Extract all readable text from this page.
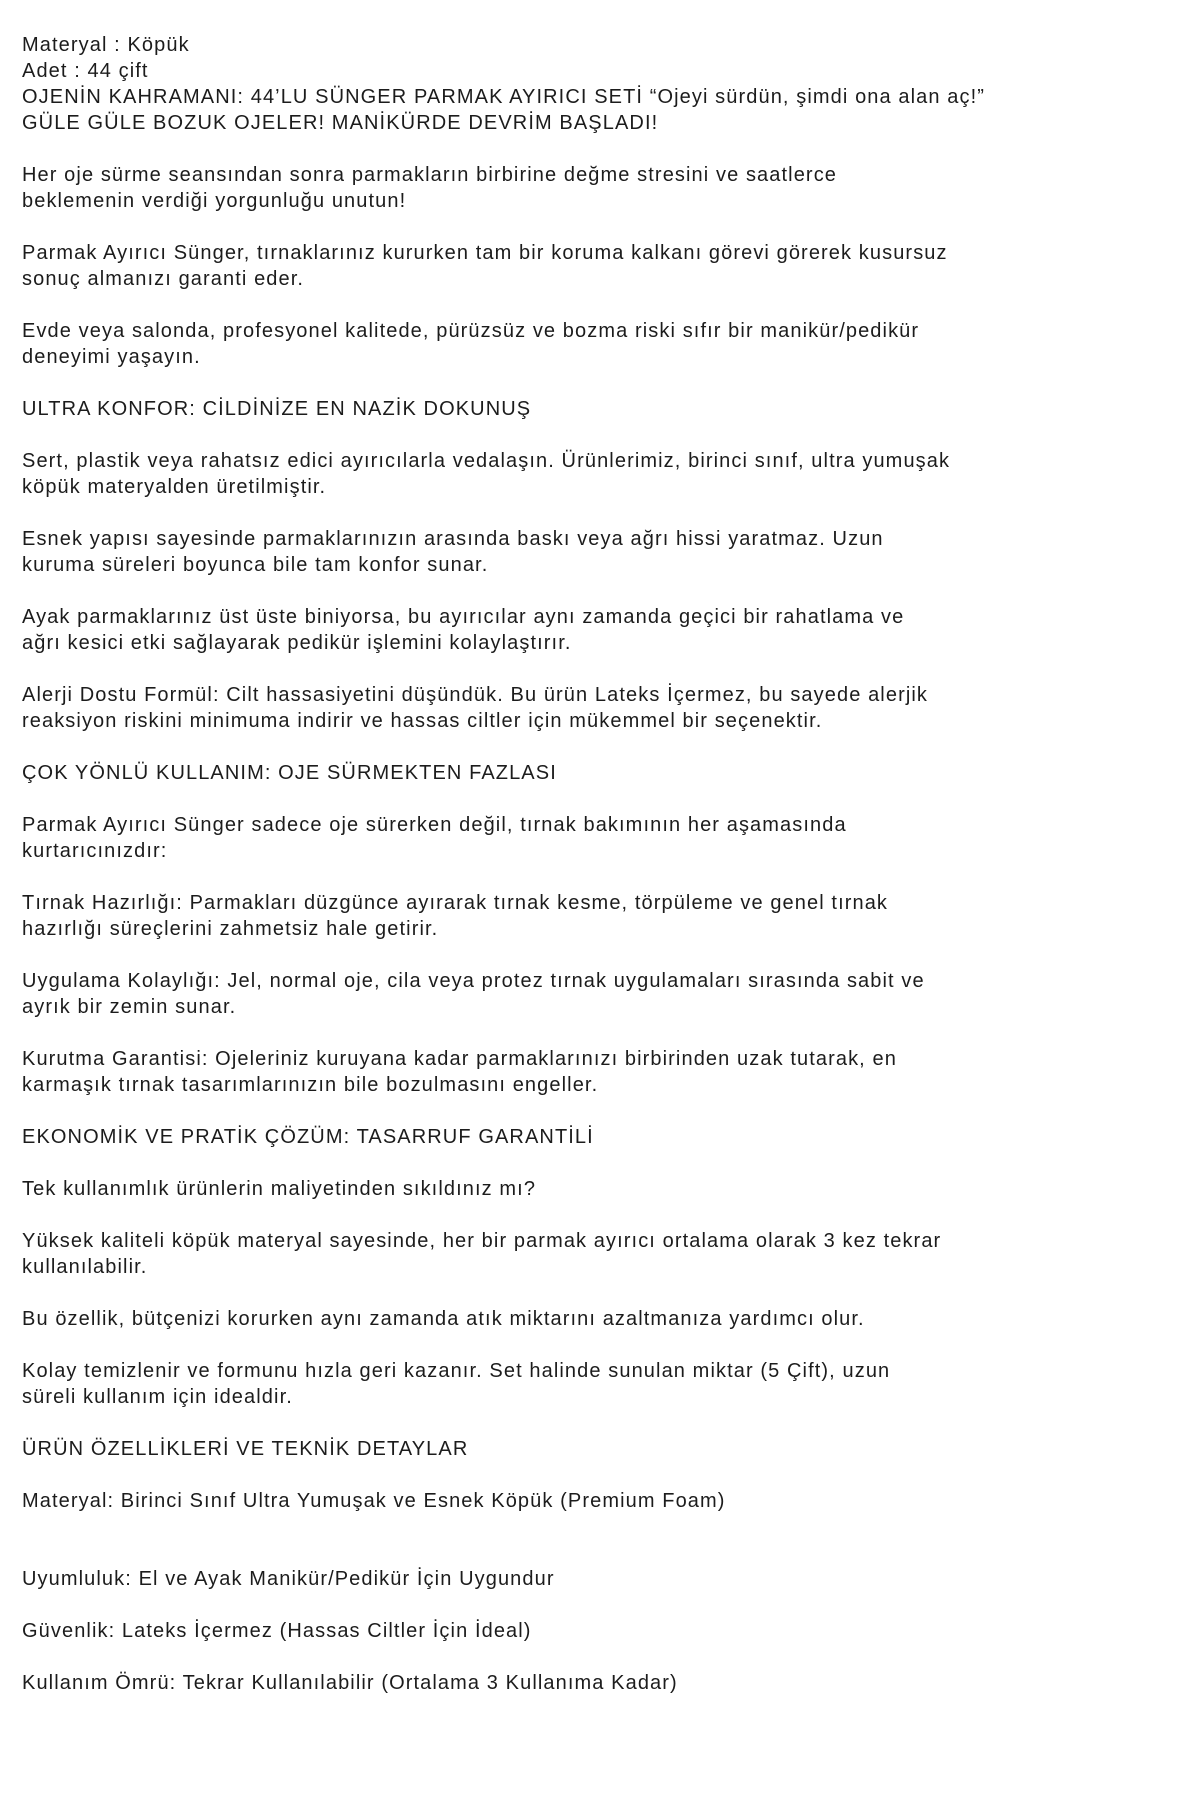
Materyal : Köpük

Adet : 44 çift

OJENİN KAHRAMANI: 44’LU SÜNGER PARMAK AYIRICI SETİ “Ojeyi sürdün, şimdi ona alan aç!”

GÜLE GÜLE BOZUK OJELER! MANİKÜRDE DEVRİM BAŞLADI!

Her oje sürme seansından sonra parmakların birbirine değme stresini ve saatlerce
beklemenin verdiği yorgunluğu unutun!

Parmak Ayırıcı Sünger, tırnaklarınız kururken tam bir koruma kalkanı görevi görerek kusursuz
sonuç almanızı garanti eder.

Evde veya salonda, profesyonel kalitede, pürüzsüz ve bozma riski sıfır bir manikür/pedikür
deneyimi yaşayın.

ULTRA KONFOR: CİLDİNİZE EN NAZİK DOKUNUŞ

Sert, plastik veya rahatsız edici ayırıcılarla vedalaşın. Ürünlerimiz, birinci sınıf, ultra yumuşak
köpük materyalden üretilmiştir.

Esnek yapısı sayesinde parmaklarınızın arasında baskı veya ağrı hissi yaratmaz. Uzun
kuruma süreleri boyunca bile tam konfor sunar.

Ayak parmaklarınız üst üste biniyorsa, bu ayırıcılar aynı zamanda geçici bir rahatlama ve
ağrı kesici etki sağlayarak pedikür işlemini kolaylaştırır.

Alerji Dostu Formül: Cilt hassasiyetini düşündük. Bu ürün Lateks İçermez, bu sayede alerjik
reaksiyon riskini minimuma indirir ve hassas ciltler için mükemmel bir seçenektir.

ÇOK YÖNLÜ KULLANIM: OJE SÜRMEKTEN FAZLASI

Parmak Ayırıcı Sünger sadece oje sürerken değil, tırnak bakımının her aşamasında
kurtarıcınızdır:

Tırnak Hazırlığı: Parmakları düzgünce ayırarak tırnak kesme, törpüleme ve genel tırnak
hazırlığı süreçlerini zahmetsiz hale getirir.

Uygulama Kolaylığı: Jel, normal oje, cila veya protez tırnak uygulamaları sırasında sabit ve
ayrık bir zemin sunar.

Kurutma Garantisi: Ojeleriniz kuruyana kadar parmaklarınızı birbirinden uzak tutarak, en
karmaşık tırnak tasarımlarınızın bile bozulmasını engeller.

EKONOMİK VE PRATİK ÇÖZÜM: TASARRUF GARANTİLİ

Tek kullanımlık ürünlerin maliyetinden sıkıldınız mı?

Yüksek kaliteli köpük materyal sayesinde, her bir parmak ayırıcı ortalama olarak 3 kez tekrar
kullanılabilir.

Bu özellik, bütçenizi korurken aynı zamanda atık miktarını azaltmanıza yardımcı olur.

Kolay temizlenir ve formunu hızla geri kazanır. Set halinde sunulan miktar (5 Çift), uzun
süreli kullanım için idealdir.

ÜRÜN ÖZELLİKLERİ VE TEKNİK DETAYLAR

Materyal: Birinci Sınıf Ultra Yumuşak ve Esnek Köpük (Premium Foam)

Uyumluluk: El ve Ayak Manikür/Pedikür İçin Uygundur

Güvenlik: Lateks İçermez (Hassas Ciltler İçin İdeal)

Kullanım Ömrü: Tekrar Kullanılabilir (Ortalama 3 Kullanıma Kadar)
